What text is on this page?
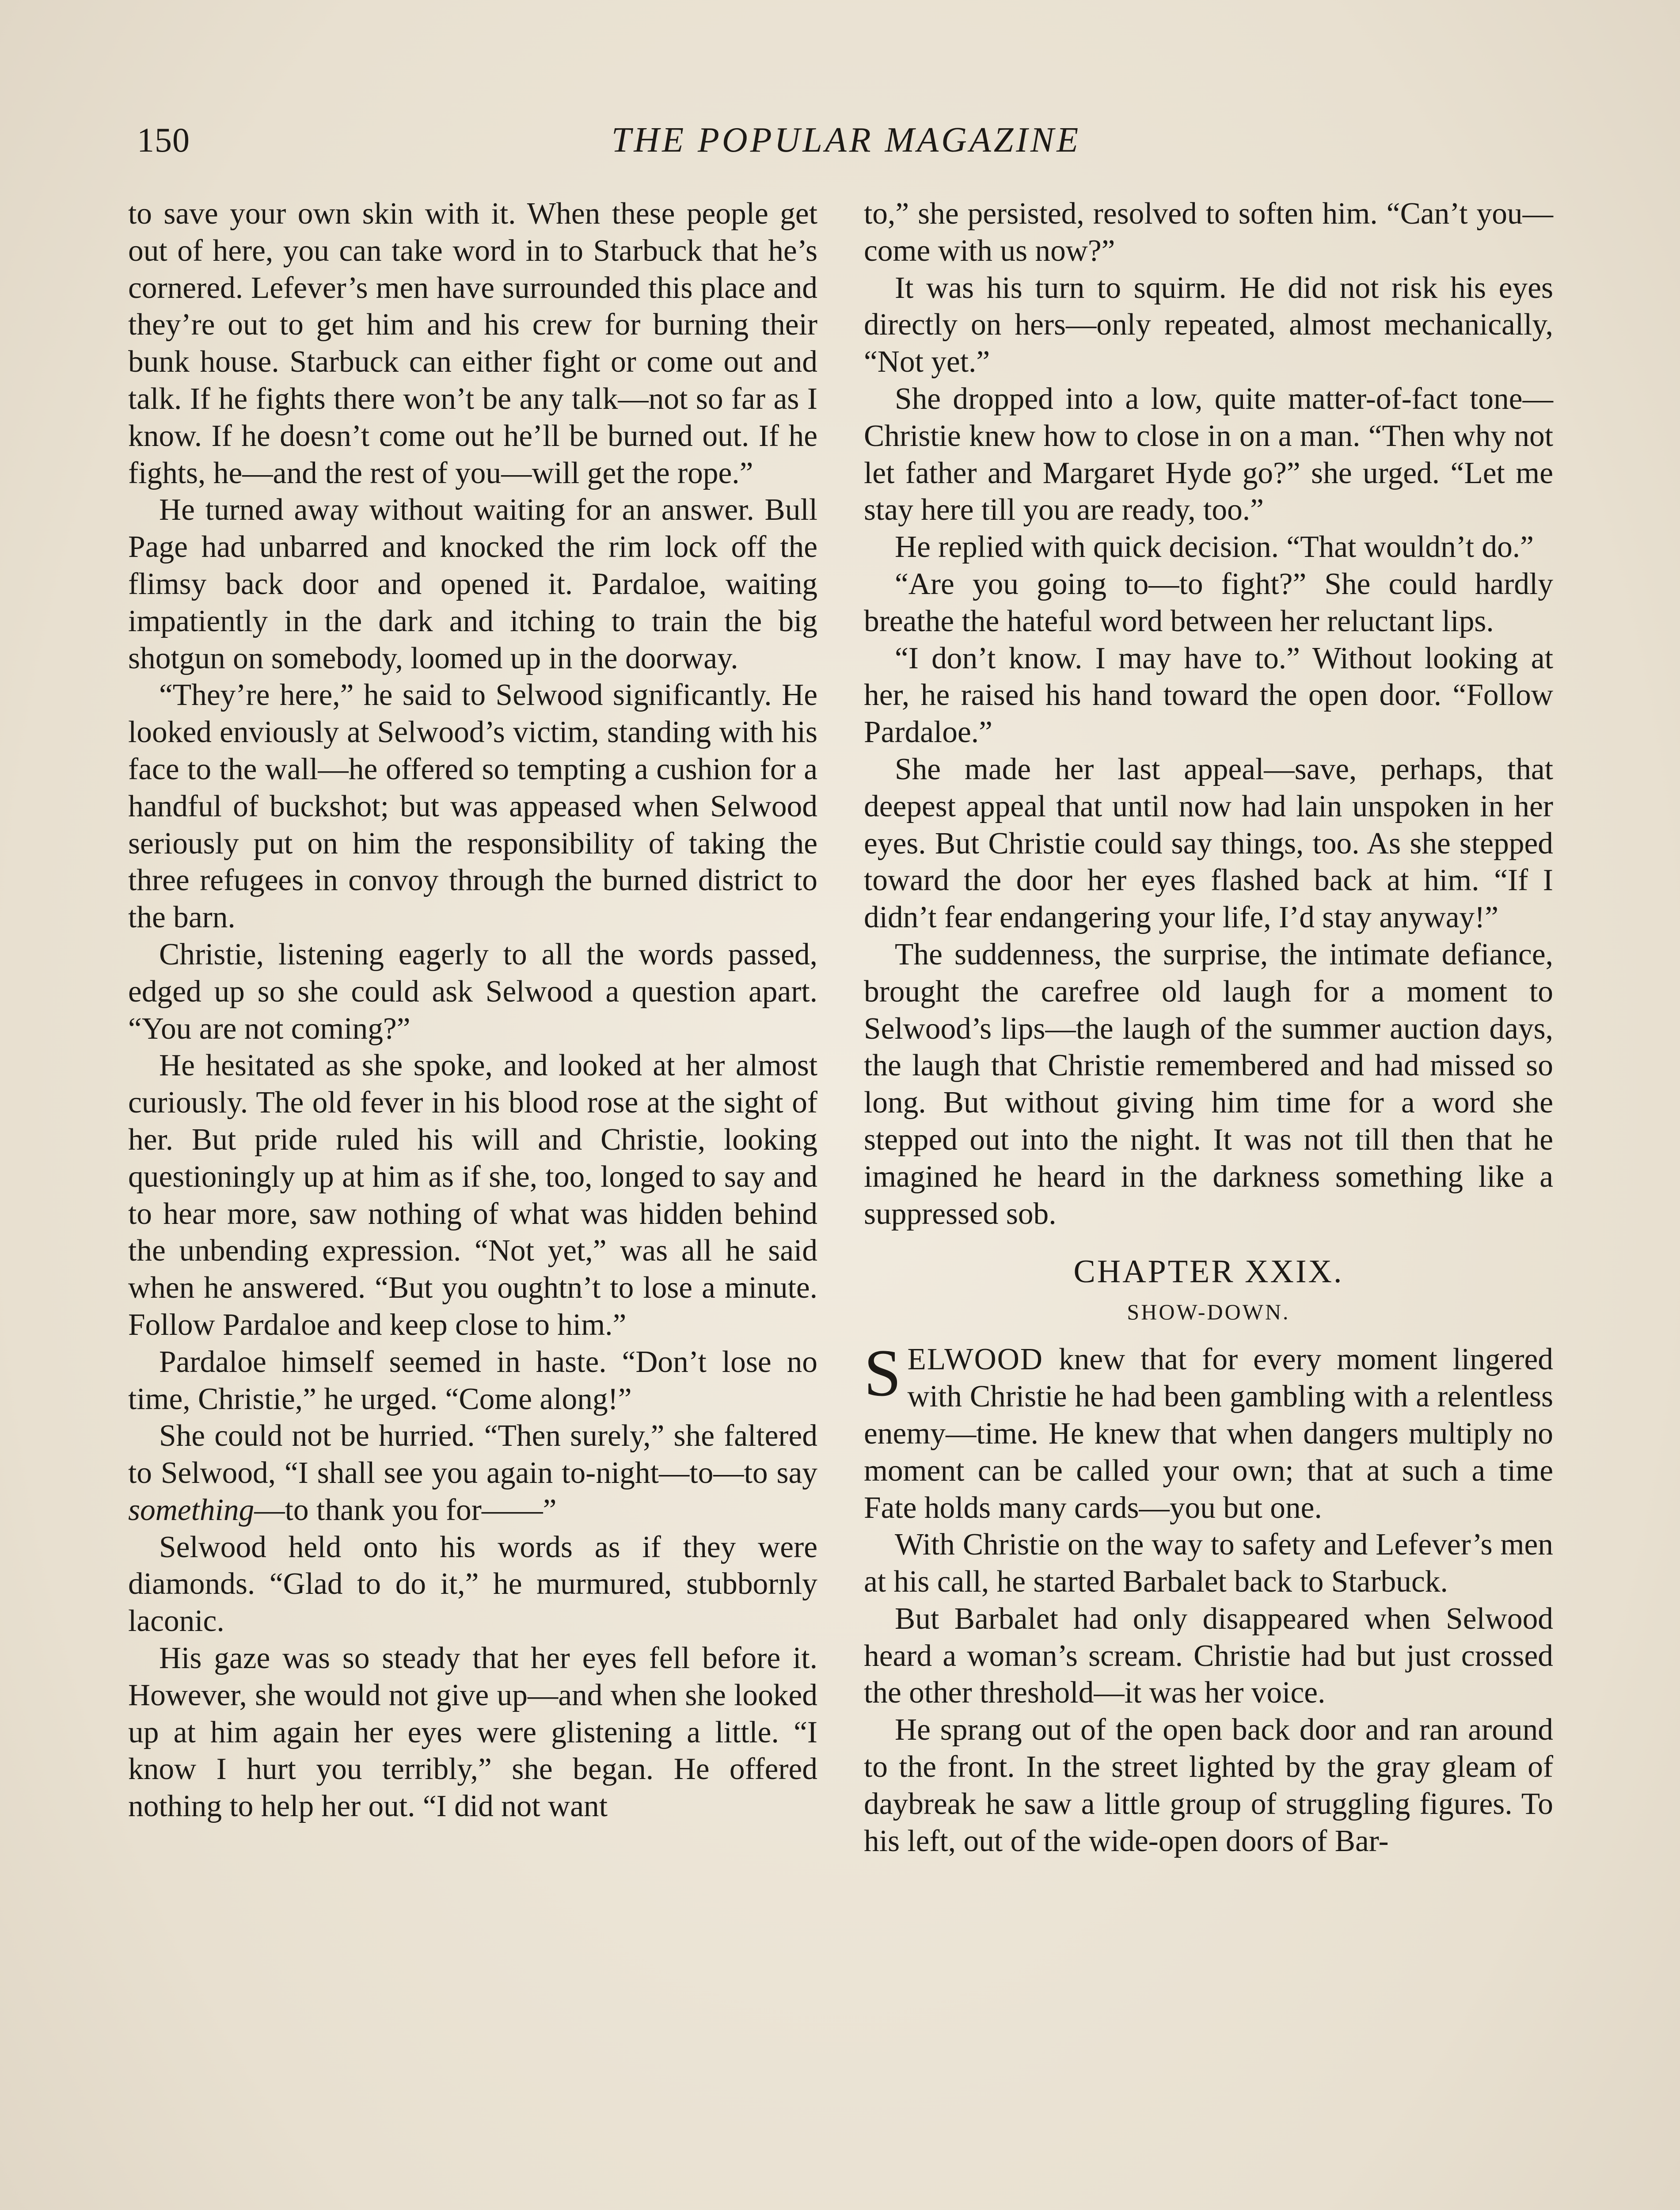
150	THE POPULAR MAGAZINE

to save your own skin with it. When these people get out of here, you can take word in to Starbuck that he’s cornered. Lefever’s men have surrounded this place and they’re out to get him and his crew for burning their bunk house. Starbuck can either fight or come out and talk. If he fights there won’t be any talk—not so far as I know. If he doesn’t come out he’ll be burned out. If he fights, he—and the rest of you—will get the rope.”

He turned away without waiting for an answer. Bull Page had unbarred and knocked the rim lock off the flimsy back door and opened it. Pardaloe, waiting impatiently in the dark and itching to train the big shotgun on somebody, loomed up in the doorway.

“They’re here,” he said to Selwood significantly. He looked enviously at Selwood’s victim, standing with his face to the wall—he offered so tempting a cushion for a handful of buckshot; but was appeased when Selwood seriously put on him the responsibility of taking the three refugees in convoy through the burned district to the barn.

Christie, listening eagerly to all the words passed, edged up so she could ask Selwood a question apart. “You are not coming?”

He hesitated as she spoke, and looked at her almost curiously. The old fever in his blood rose at the sight of her. But pride ruled his will and Christie, looking questioningly up at him as if she, too, longed to say and to hear more, saw nothing of what was hidden behind the unbending expression. “Not yet,” was all he said when he answered. “But you oughtn’t to lose a minute. Follow Pardaloe and keep close to him.”

Pardaloe himself seemed in haste. “Don’t lose no time, Christie,” he urged. “Come along!”

She could not be hurried. “Then surely,” she faltered to Selwood, “I shall see you again to-night—to—to say something—to thank you for——”

Selwood held onto his words as if they were diamonds. “Glad to do it,” he murmured, stubbornly laconic.

His gaze was so steady that her eyes fell before it. However, she would not give up—and when she looked up at him again her eyes were glistening a little. “I know I hurt you terribly,” she began. He offered nothing to help her out. “I did not want

to,” she persisted, resolved to soften him. “Can’t you—come with us now?”

It was his turn to squirm. He did not risk his eyes directly on hers—only repeated, almost mechanically, “Not yet.”

She dropped into a low, quite matter-of-fact tone—Christie knew how to close in on a man. “Then why not let father and Margaret Hyde go?” she urged. “Let me stay here till you are ready, too.”

He replied with quick decision. “That wouldn’t do.”

“Are you going to—to fight?” She could hardly breathe the hateful word between her reluctant lips.

“I don’t know. I may have to.” Without looking at her, he raised his hand toward the open door. “Follow Pardaloe.”

She made her last appeal—save, perhaps, that deepest appeal that until now had lain unspoken in her eyes. But Christie could say things, too. As she stepped toward the door her eyes flashed back at him. “If I didn’t fear endangering your life, I’d stay anyway!”

The suddenness, the surprise, the intimate defiance, brought the carefree old laugh for a moment to Selwood’s lips—the laugh of the summer auction days, the laugh that Christie remembered and had missed so long. But without giving him time for a word she stepped out into the night. It was not till then that he imagined he heard in the darkness something like a suppressed sob.

CHAPTER XXIX.
SHOW-DOWN.

SELWOOD knew that for every moment lingered with Christie he had been gambling with a relentless enemy—time. He knew that when dangers multiply no moment can be called your own; that at such a time Fate holds many cards—you but one.

With Christie on the way to safety and Lefever’s men at his call, he started Barbalet back to Starbuck.

But Barbalet had only disappeared when Selwood heard a woman’s scream. Christie had but just crossed the other threshold—it was her voice.

He sprang out of the open back door and ran around to the front. In the street lighted by the gray gleam of daybreak he saw a little group of struggling figures. To his left, out of the wide-open doors of Bar-
